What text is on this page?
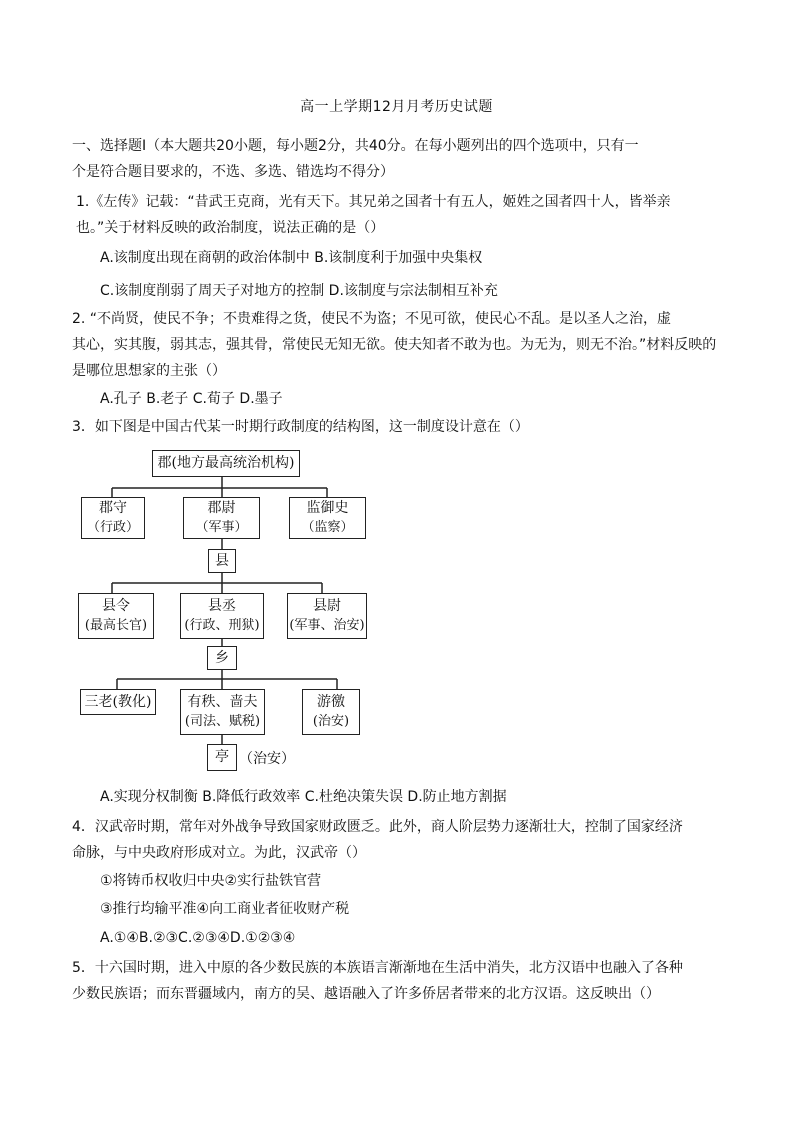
高一上学期12月月考历史试题
一、选择题Ⅰ（本大题共20小题，每小题2分，共40分。在每小题列出的四个选项中，只有一
个是符合题目要求的，不选、多选、错选均不得分）
1.《左传》记载：“昔武王克商，光有天下。其兄弟之国者十有五人，姬姓之国者四十人，皆举亲
也。”关于材料反映的政治制度，说法正确的是（）
A.该制度出现在商朝的政治体制中 B.该制度利于加强中央集权
C.该制度削弱了周天子对地方的控制 D.该制度与宗法制相互补充
2. “不尚贤，使民不争；不贵难得之货，使民不为盗；不见可欲，使民心不乱。是以圣人之治，虚
其心，实其腹，弱其志，强其骨，常使民无知无欲。使夫知者不敢为也。为无为，则无不治。”材料反映的
是哪位思想家的主张（）
A.孔子 B.老子 C.荀子 D.墨子
3．如下图是中国古代某一时期行政制度的结构图，这一制度设计意在（）
郡(地方最高统治机构)
郡守
（行政）
郡尉
（军事）
监御史
（监察）
县
县令
(最高长官)
县丞
(行政、刑狱)
县尉
(军事、治安)
乡
三老(教化)	有秩、啬夫
(司法、赋税)
游徼
(治安)
亭 （治安）
A.实现分权制衡 B.降低行政效率 C.杜绝决策失误 D.防止地方割据
4．汉武帝时期，常年对外战争导致国家财政匮乏。此外，商人阶层势力逐渐壮大，控制了国家经济
命脉，与中央政府形成对立。为此，汉武帝（）
①将铸币权收归中央②实行盐铁官营
③推行均输平准④向工商业者征收财产税
A.①④B.②③C.②③④D.①②③④
5．十六国时期，进入中原的各少数民族的本族语言渐渐地在生活中消失，北方汉语中也融入了各种
少数民族语；而东晋疆域内，南方的吴、越语融入了许多侨居者带来的北方汉语。这反映出（）
